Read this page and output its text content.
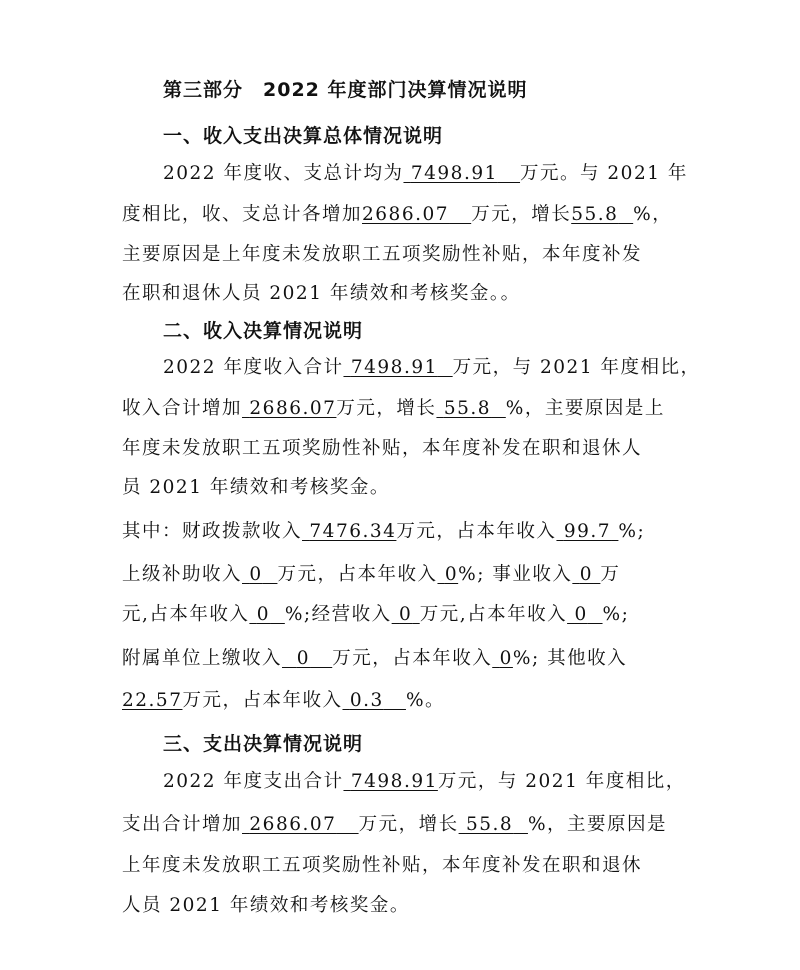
第三部分　2022 年度部门决算情况说明
一、收入支出决算总体情况说明
2022 年度收、支总计均为 7498.91 万元。与 2021 年
度相比，收、支总计各增加2686.07 万元，增长55.8 %，
主要原因是上年度未发放职工五项奖励性补贴，本年度补发
在职和退休人员 2021 年绩效和考核奖金。。
二、收入决算情况说明
2022 年度收入合计 7498.91 万元，与 2021 年度相比，
收入合计增加 2686.07万元，增长 55.8 %，主要原因是上
年度未发放职工五项奖励性补贴，本年度补发在职和退休人
员 2021 年绩效和考核奖金。
其中：财政拨款收入 7476.34万元，占本年收入 99.7 %;
上级补助收入 0 万元，占本年收入 0%; 事业收入 0 万
元,占本年收入 0 %;经营收入 0 万元,占本年收入 0 %;
附属单位上缴收入 0 万元，占本年收入 0%; 其他收入
22.57万元，占本年收入 0.3 %。
三、支出决算情况说明
2022 年度支出合计 7498.91万元，与 2021 年度相比，
支出合计增加 2686.07 万元，增长 55.8 %，主要原因是
上年度未发放职工五项奖励性补贴，本年度补发在职和退休
人员 2021 年绩效和考核奖金。
